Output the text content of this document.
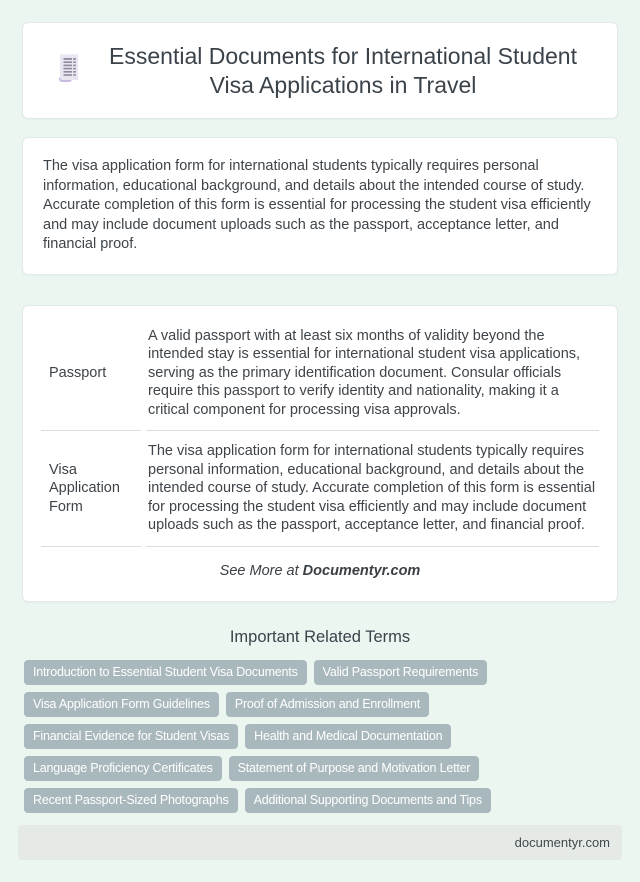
Essential Documents for International Student Visa Applications in Travel

The visa application form for international students typically requires personal information, educational background, and details about the intended course of study. Accurate completion of this form is essential for processing the student visa efficiently and may include document uploads such as the passport, acceptance letter, and financial proof.

Passport
A valid passport with at least six months of validity beyond the intended stay is essential for international student visa applications, serving as the primary identification document. Consular officials require this passport to verify identity and nationality, making it a critical component for processing visa approvals.
Visa Application Form
The visa application form for international students typically requires personal information, educational background, and details about the intended course of study. Accurate completion of this form is essential for processing the student visa efficiently and may include document uploads such as the passport, acceptance letter, and financial proof.
See More at Documentyr.com
Important Related Terms
Introduction to Essential Student Visa Documents	Valid Passport Requirements
Visa Application Form Guidelines	Proof of Admission and Enrollment
Financial Evidence for Student Visas	Health and Medical Documentation
Language Proficiency Certificates	Statement of Purpose and Motivation Letter
Recent Passport-Sized Photographs	Additional Supporting Documents and Tips
documentyr.com
